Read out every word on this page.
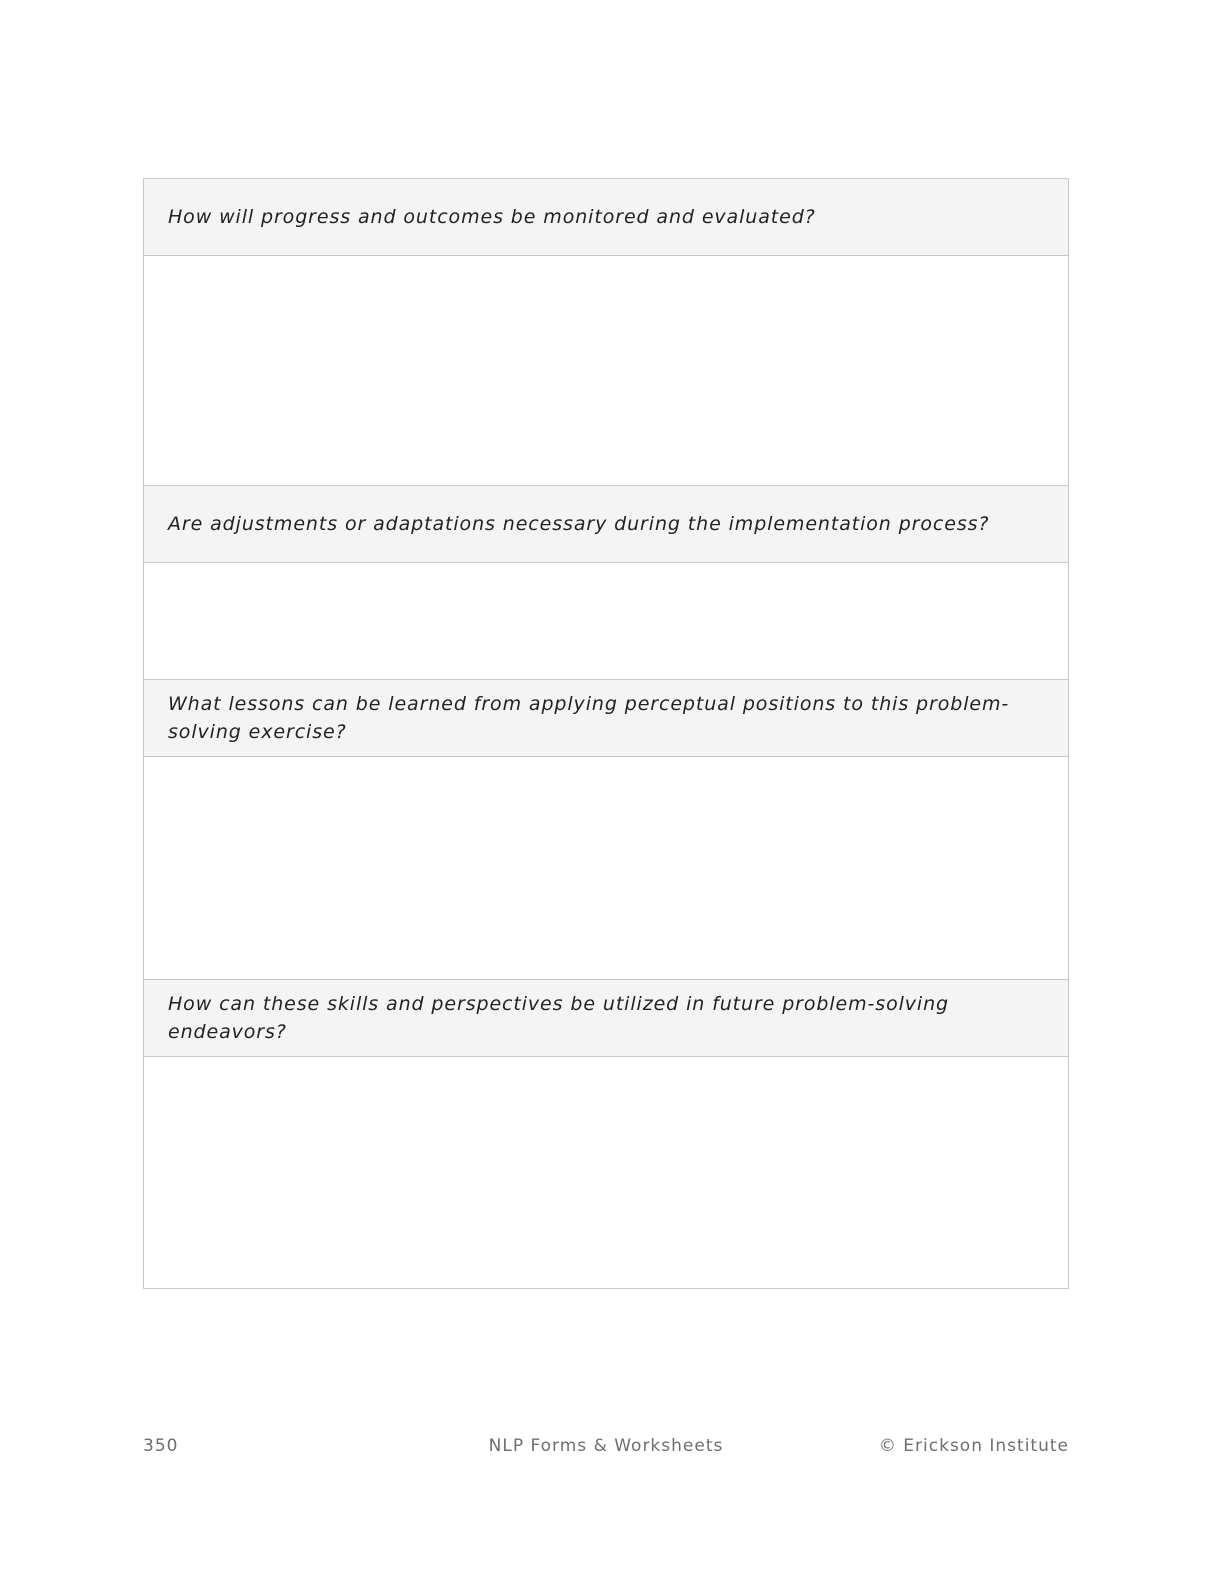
How will progress and outcomes be monitored and evaluated?
Are adjustments or adaptations necessary during the implementation process?
What lessons can be learned from applying perceptual positions to this problem-solving exercise?
How can these skills and perspectives be utilized in future problem-solving endeavors?
350	NLP Forms & Worksheets	© Erickson Institute
